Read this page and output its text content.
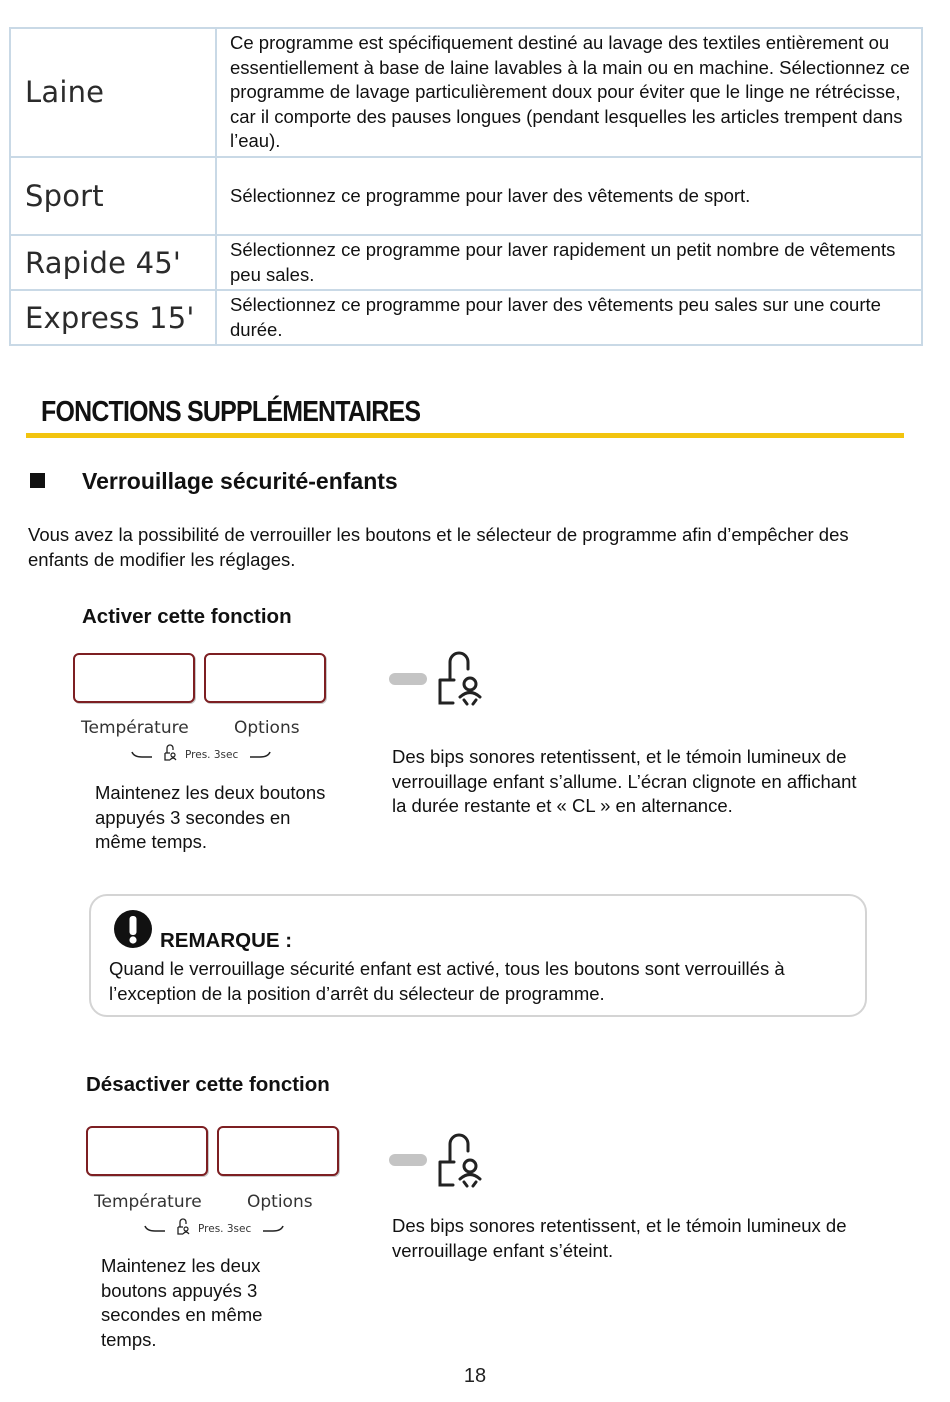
Laine	Ce programme est spécifiquement destiné au lavage des textiles entièrement ou essentiellement à base de laine lavables à la main ou en machine. Sélectionnez ce programme de lavage particulièrement doux pour éviter que le linge ne rétrécisse, car il comporte des pauses longues (pendant lesquelles les articles trempent dans l’eau).
Sport	Sélectionnez ce programme pour laver des vêtements de sport.
Rapide 45'	Sélectionnez ce programme pour laver rapidement un petit nombre de vêtements peu sales.
Express 15'	Sélectionnez ce programme pour laver des vêtements peu sales sur une courte durée.
FONCTIONS SUPPLÉMENTAIRES
Verrouillage sécurité-enfants
Vous avez la possibilité de verrouiller les boutons et le sélecteur de programme afin d’empêcher des enfants de modifier les réglages.
Activer cette fonction
Température	Options
Pres. 3sec
Maintenez les deux boutons appuyés 3 secondes en même temps.
Des bips sonores retentissent, et le témoin lumineux de verrouillage enfant s’allume. L’écran clignote en affichant la durée restante et « CL » en alternance.
REMARQUE :
Quand le verrouillage sécurité enfant est activé, tous les boutons sont verrouillés à l’exception de la position d’arrêt du sélecteur de programme.
Désactiver cette fonction
Température	Options
Pres. 3sec
Maintenez les deux boutons appuyés 3 secondes en même temps.
Des bips sonores retentissent, et le témoin lumineux de verrouillage enfant s’éteint.
18
